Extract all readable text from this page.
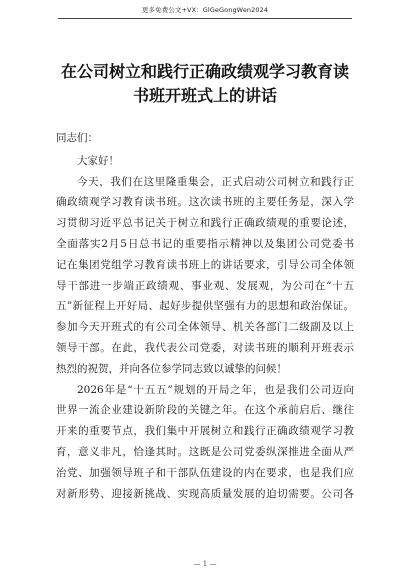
更多免费公文+VX：GlGeGongWen2024
在公司树立和践行正确政绩观学习教育读
书班开班式上的讲话

同志们：

大家好！

今天，我们在这里隆重集会，正式启动公司树立和践行正
确政绩观学习教育读书班。这次读书班的主要任务是，深入学
习贯彻习近平总书记关于树立和践行正确政绩观的重要论述，
全面落实2月5日总书记的重要指示精神以及集团公司党委书
记在集团党组学习教育读书班上的讲话要求，引导公司全体领
导干部进一步端正政绩观、事业观、发展观，为公司在“十五
五”新征程上开好局、起好步提供坚强有力的思想和政治保证。
参加今天开班式的有公司全体领导、机关各部门二级副及以上
领导干部。在此，我代表公司党委，对读书班的顺利开班表示
热烈的祝贺，并向各位参学同志致以诚挚的问候！
2026年是“十五五”规划的开局之年，也是我们公司迈向
世界一流企业建设新阶段的关键之年。在这个承前启后、继往
开来的重要节点，我们集中开展树立和践行正确政绩观学习教
育，意义非凡，恰逢其时。这既是公司党委纵深推进全面从严
治党、加强领导班子和干部队伍建设的内在要求，也是我们应
对新形势、迎接新挑战、实现高质量发展的迫切需要。公司各
— 1 —
